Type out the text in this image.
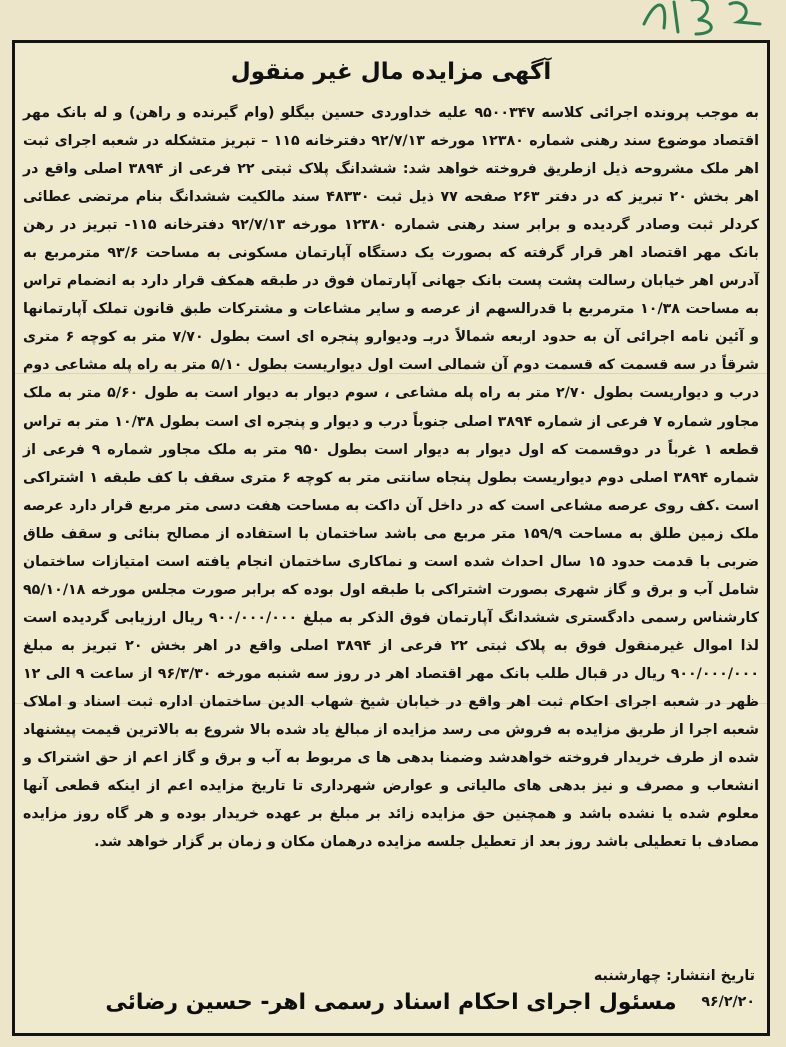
آگهی مزایده مال غیر منقول
به موجب پرونده اجرائی کلاسه ۹۵۰۰۳۴۷ علیه خداوردی حسین بیگلو (وام گیرنده و راهن) و له بانک مهر اقتصاد موضوع سند رهنی شماره ۱۲۳۸۰ مورخه ۹۲/۷/۱۳ دفترخانه ۱۱۵ – تبریز متشکله در شعبه اجرای ثبت اهر ملک مشروحه ذیل ازطریق فروخته خواهد شد: ششدانگ پلاک ثبتی ۲۲ فرعی از ۳۸۹۴ اصلی واقع در اهر بخش ۲۰ تبریز که در دفتر ۲۶۳ صفحه ۷۷ ذیل ثبت ۴۸۳۳۰ سند مالکیت ششدانگ بنام مرتضی عطائی کردلر ثبت وصادر گردیده و برابر سند رهنی شماره ۱۲۳۸۰ مورخه ۹۲/۷/۱۳ دفترخانه ۱۱۵- تبریز در رهن بانک مهر اقتصاد اهر قرار گرفته که بصورت یک دستگاه آپارتمان مسکونی به مساحت ۹۳/۶ مترمربع به آدرس اهر خیابان رسالت پشت پست بانک جهانی آپارتمان فوق در طبقه همکف قرار دارد به انضمام تراس به مساحت ۱۰/۳۸ مترمربع با قدرالسهم از عرصه و سایر مشاعات و مشترکات طبق قانون تملک آپارتمانها و آئین نامه اجرائی آن به حدود اربعه شمالاً دربـ ودیوارو پنجره ای است بطول ۷/۷۰ متر به کوچه ۶ متری شرقاً در سه قسمت که قسمت دوم آن شمالی است اول دیواریست بطول ۵/۱۰ متر به راه پله مشاعی دوم درب و دیواریست بطول ۲/۷۰ متر به راه پله مشاعی ، سوم دیوار به دیوار است به طول ۵/۶۰ متر به ملک مجاور شماره ۷ فرعی از شماره ۳۸۹۴ اصلی جنوباً درب و دیوار و پنجره ای است بطول ۱۰/۳۸ متر به تراس قطعه ۱ غرباً در دوقسمت که اول دیوار به دیوار است بطول ۹۵۰ متر به ملک مجاور شماره ۹ فرعی از شماره ۳۸۹۴ اصلی دوم دیواریست بطول پنجاه سانتی متر به کوچه ۶ متری سقف با کف طبقه ۱ اشتراکی است .کف روی عرصه مشاعی است که در داخل آن داکت به مساحت هفت دسی متر مربع قرار دارد عرصه ملک زمین طلق به مساحت ۱۵۹/۹ متر مربع می باشد ساختمان با استفاده از مصالح بنائی و سقف طاق ضربی با قدمت حدود ۱۵ سال احداث شده است و نماکاری ساختمان انجام یافته است امتیازات ساختمان شامل آب و برق و گاز شهری بصورت اشتراکی با طبقه اول بوده که برابر صورت مجلس مورخه ۹۵/۱۰/۱۸ کارشناس رسمی دادگستری ششدانگ آپارتمان فوق الذکر به مبلغ ۹۰۰/۰۰۰/۰۰۰ ریال ارزیابی گردیده است لذا اموال غیرمنقول فوق به پلاک ثبتی ۲۲ فرعی از ۳۸۹۴ اصلی واقع در اهر بخش ۲۰ تبریز به مبلغ ۹۰۰/۰۰۰/۰۰۰ ریال در قبال طلب بانک مهر اقتصاد اهر در روز سه شنبه مورخه ۹۶/۳/۳۰ از ساعت ۹ الی ۱۲ ظهر در شعبه اجرای احکام ثبت اهر واقع در خیابان شیخ شهاب الدین ساختمان اداره ثبت اسناد و املاک شعبه اجرا از طریق مزایده به فروش می رسد مزایده از مبالغ یاد شده بالا شروع به بالاترین قیمت پیشنهاد شده از طرف خریدار فروخته خواهدشد وضمنا بدهی ها ی مربوط به آب و برق و گاز اعم از حق اشتراک و انشعاب و مصرف و نیز بدهی های مالیاتی و عوارض شهرداری تا تاریخ مزایده اعم از اینکه قطعی آنها معلوم شده یا نشده باشد و همچنین حق مزایده زائد بر مبلغ بر عهده خریدار بوده و هر گاه روز مزایده مصادف با تعطیلی باشد روز بعد از تعطیل جلسه مزایده درهمان مکان و زمان بر گزار خواهد شد.
تاریخ انتشار: چهارشنبه
۹۶/۲/۲۰
مسئول اجرای احکام اسناد رسمی اهر- حسین رضائی
